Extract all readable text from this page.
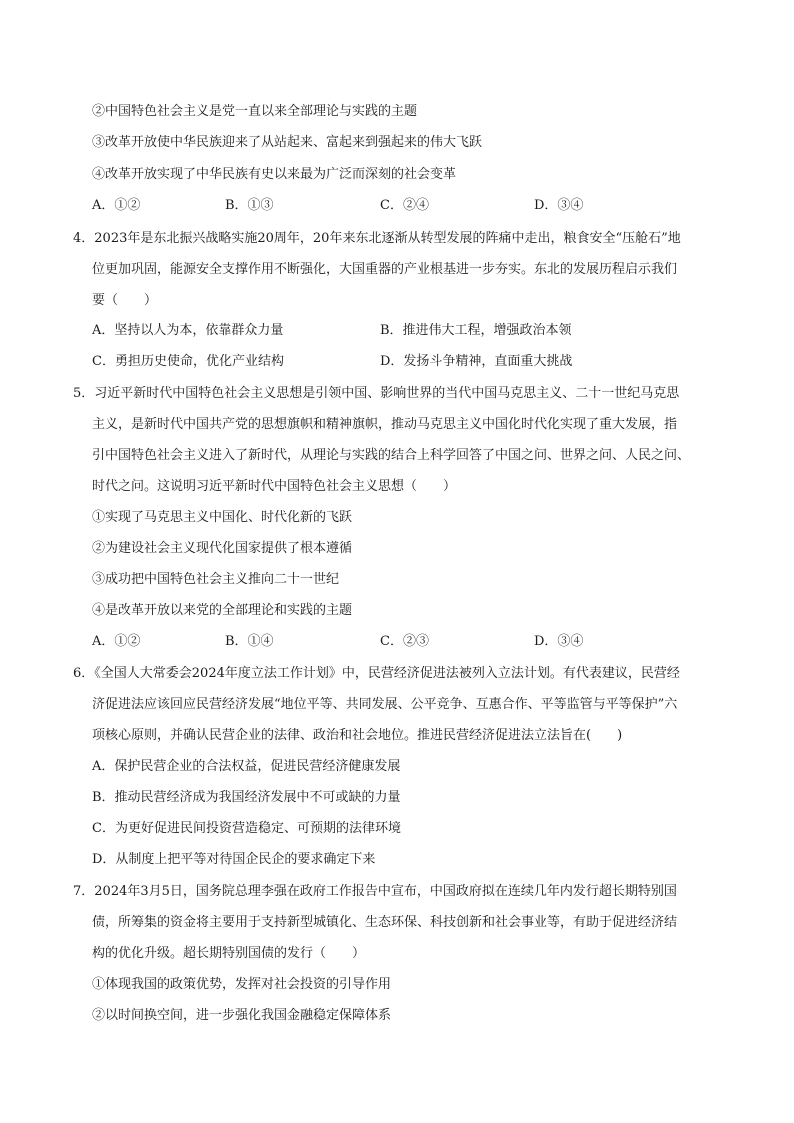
②中国特色社会主义是党一直以来全部理论与实践的主题
③改革开放使中华民族迎来了从站起来、富起来到强起来的伟大飞跃
④改革开放实现了中华民族有史以来最为广泛而深刻的社会变革
A．①②	B．①③	C．②④	D．③④
4．2023年是东北振兴战略实施20周年，20年来东北逐渐从转型发展的阵痛中走出，粮食安全“压舱石”地
位更加巩固，能源安全支撑作用不断强化，大国重器的产业根基进一步夯实。东北的发展历程启示我们
要（　　）
A．坚持以人为本，依靠群众力量	B．推进伟大工程，增强政治本领
C．勇担历史使命，优化产业结构	D．发扬斗争精神，直面重大挑战
5．习近平新时代中国特色社会主义思想是引领中国、影响世界的当代中国马克思主义、二十一世纪马克思
主义，是新时代中国共产党的思想旗帜和精神旗帜，推动马克思主义中国化时代化实现了重大发展，指
引中国特色社会主义进入了新时代，从理论与实践的结合上科学回答了中国之问、世界之问、人民之问、
时代之问。这说明习近平新时代中国特色社会主义思想（　　）
①实现了马克思主义中国化、时代化新的飞跃
②为建设社会主义现代化国家提供了根本遵循
③成功把中国特色社会主义推向二十一世纪
④是改革开放以来党的全部理论和实践的主题
A．①②	B．①④	C．②③	D．③④
6．《全国人大常委会2024年度立法工作计划》中，民营经济促进法被列入立法计划。有代表建议，民营经
济促进法应该回应民营经济发展“地位平等、共同发展、公平竞争、互惠合作、平等监管与平等保护”六
项核心原则，并确认民营企业的法律、政治和社会地位。推进民营经济促进法立法旨在(　　)
A．保护民营企业的合法权益，促进民营经济健康发展
B．推动民营经济成为我国经济发展中不可或缺的力量
C．为更好促进民间投资营造稳定、可预期的法律环境
D．从制度上把平等对待国企民企的要求确定下来
7．2024年3月5日，国务院总理李强在政府工作报告中宣布，中国政府拟在连续几年内发行超长期特别国
债，所筹集的资金将主要用于支持新型城镇化、生态环保、科技创新和社会事业等，有助于促进经济结
构的优化升级。超长期特别国债的发行（　　）
①体现我国的政策优势，发挥对社会投资的引导作用
②以时间换空间，进一步强化我国金融稳定保障体系
